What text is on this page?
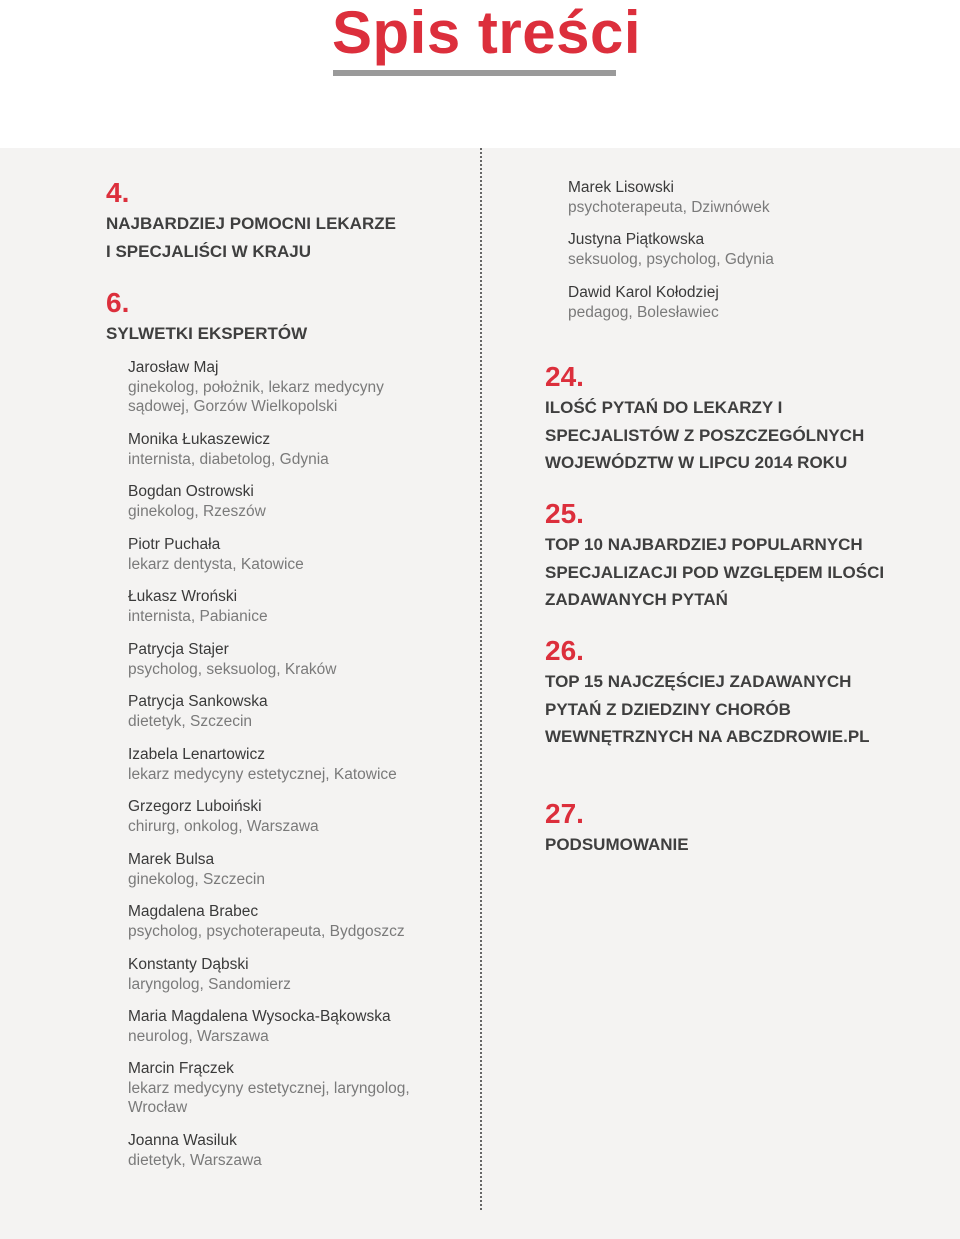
Spis treści
4.
NAJBARDZIEJ POMOCNI LEKARZE
I SPECJALIŚCI W KRAJU
6.
SYLWETKI EKSPERTÓW
Jarosław Maj
ginekolog, położnik, lekarz medycyny
sądowej, Gorzów Wielkopolski
Monika Łukaszewicz
internista, diabetolog, Gdynia
Bogdan Ostrowski
ginekolog, Rzeszów
Piotr Puchała
lekarz dentysta, Katowice
Łukasz Wroński
internista, Pabianice
Patrycja Stajer
psycholog, seksuolog, Kraków
Patrycja Sankowska
dietetyk, Szczecin
Izabela Lenartowicz
lekarz medycyny estetycznej, Katowice
Grzegorz Luboiński
chirurg, onkolog, Warszawa
Marek Bulsa
ginekolog, Szczecin
Magdalena Brabec
psycholog, psychoterapeuta, Bydgoszcz
Konstanty Dąbski
laryngolog, Sandomierz
Maria Magdalena Wysocka-Bąkowska
neurolog, Warszawa
Marcin Frączek
lekarz medycyny estetycznej, laryngolog,
Wrocław
Joanna Wasiluk
dietetyk, Warszawa
Marek Lisowski
psychoterapeuta, Dziwnówek
Justyna Piątkowska
seksuolog, psycholog, Gdynia
Dawid Karol Kołodziej
pedagog, Bolesławiec
24.
ILOŚĆ PYTAŃ DO LEKARZY I
SPECJALISTÓW Z POSZCZEGÓLNYCH
WOJEWÓDZTW W LIPCU 2014 ROKU
25.
TOP 10 NAJBARDZIEJ POPULARNYCH
SPECJALIZACJI POD WZGLĘDEM ILOŚCI
ZADAWANYCH PYTAŃ
26.
TOP 15 NAJCZĘŚCIEJ ZADAWANYCH
PYTAŃ Z DZIEDZINY CHORÓB
WEWNĘTRZNYCH NA ABCZDROWIE.PL
27.
PODSUMOWANIE
